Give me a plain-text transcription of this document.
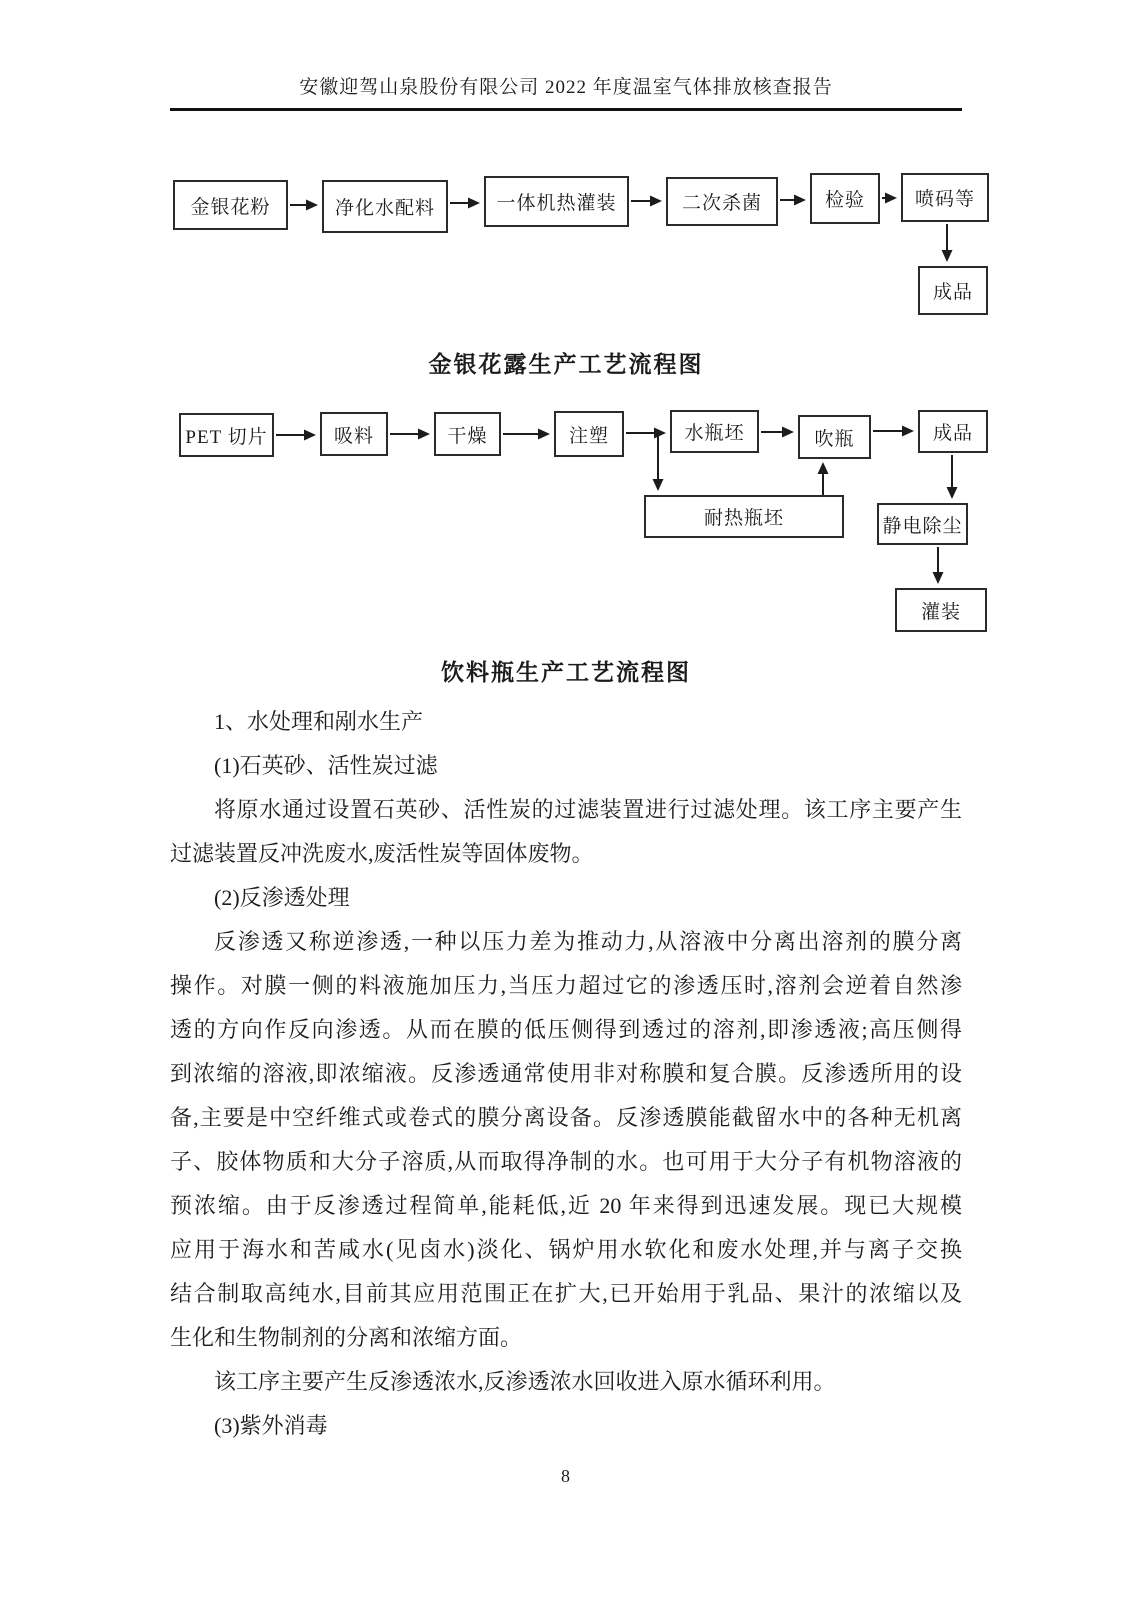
安徽迎驾山泉股份有限公司 2022 年度温室气体排放核查报告
金银花粉	净化水配料	一体机热灌装	二次杀菌	检验	喷码等
成品
金银花露生产工艺流程图
PET 切片	吸料	干燥	注塑	水瓶坯	吹瓶	成品
耐热瓶坯	静电除尘
灌装
饮料瓶生产工艺流程图
1、水处理和剐水生产
(1)石英砂、活性炭过滤
将原水通过设置石英砂、活性炭的过滤装置进行过滤处理。该工序主要产生
过滤装置反冲洗废水,废活性炭等固体废物。
(2)反渗透处理
反渗透又称逆渗透,一种以压力差为推动力,从溶液中分离出溶剂的膜分离
操作。对膜一侧的料液施加压力,当压力超过它的渗透压时,溶剂会逆着自然渗
透的方向作反向渗透。从而在膜的低压侧得到透过的溶剂,即渗透液;高压侧得
到浓缩的溶液,即浓缩液。反渗透通常使用非对称膜和复合膜。反渗透所用的设
备,主要是中空纤维式或卷式的膜分离设备。反渗透膜能截留水中的各种无机离
子、胶体物质和大分子溶质,从而取得净制的水。也可用于大分子有机物溶液的
预浓缩。由于反渗透过程简单,能耗低,近 20 年来得到迅速发展。现已大规模
应用于海水和苦咸水(见卤水)淡化、锅炉用水软化和废水处理,并与离子交换
结合制取高纯水,目前其应用范围正在扩大,已开始用于乳品、果汁的浓缩以及
生化和生物制剂的分离和浓缩方面。
该工序主要产生反渗透浓水,反渗透浓水回收进入原水循环利用。
(3)紫外消毒
8
